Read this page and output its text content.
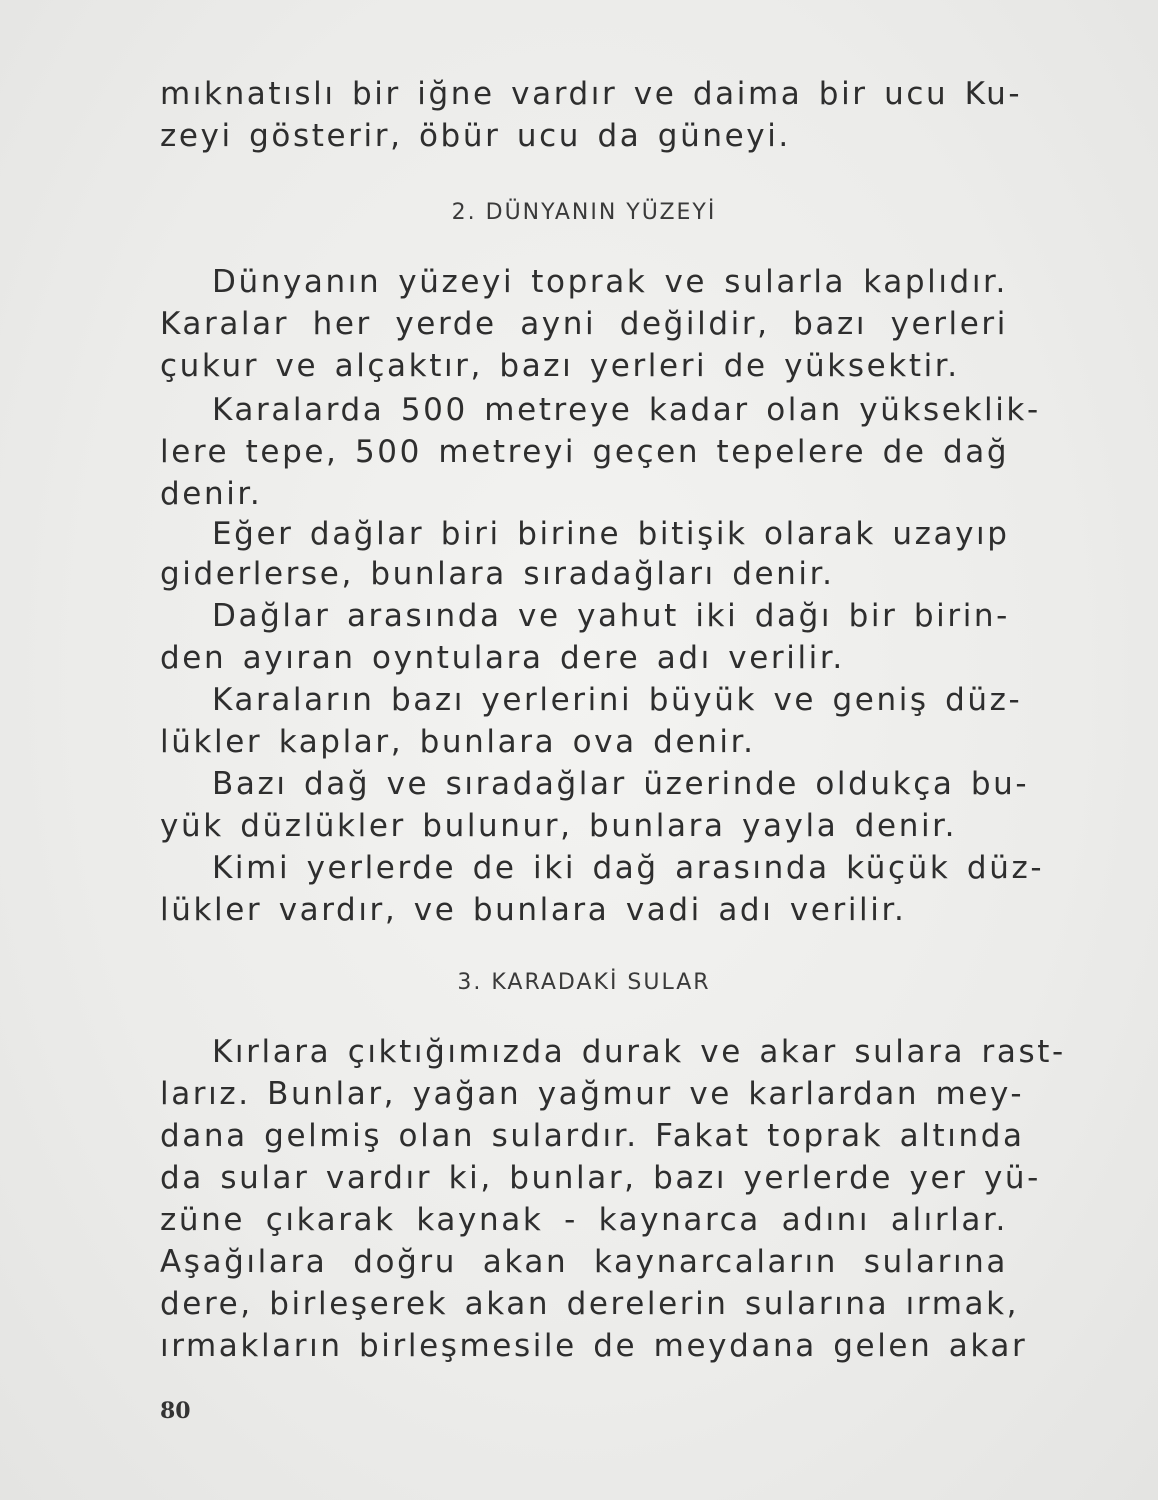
mıknatıslı bir iğne vardır ve daima bir ucu Ku-
zeyi gösterir, öbür ucu da güneyi.
2. DÜNYANIN YÜZEYİ
Dünyanın yüzeyi toprak ve sularla kaplıdır.
Karalar her yerde ayni değildir, bazı yerleri
çukur ve alçaktır, bazı yerleri de yüksektir.
Karalarda 500 metreye kadar olan yükseklik-
lere tepe, 500 metreyi geçen tepelere de dağ
denir.
Eğer dağlar biri birine bitişik olarak uzayıp
giderlerse, bunlara sıradağları denir.
Dağlar arasında ve yahut iki dağı bir birin-
den ayıran oyntulara dere adı verilir.
Karaların bazı yerlerini büyük ve geniş düz-
lükler kaplar, bunlara ova denir.
Bazı dağ ve sıradağlar üzerinde oldukça bu-
yük düzlükler bulunur, bunlara yayla denir.
Kimi yerlerde de iki dağ arasında küçük düz-
lükler vardır, ve bunlara vadi adı verilir.
3. KARADAKİ SULAR
Kırlara çıktığımızda durak ve akar sulara rast-
larız. Bunlar, yağan yağmur ve karlardan mey-
dana gelmiş olan sulardır. Fakat toprak altında
da sular vardır ki, bunlar, bazı yerlerde yer yü-
züne çıkarak kaynak - kaynarca adını alırlar.
Aşağılara doğru akan kaynarcaların sularına
dere, birleşerek akan derelerin sularına ırmak,
ırmakların birleşmesile de meydana gelen akar
80
